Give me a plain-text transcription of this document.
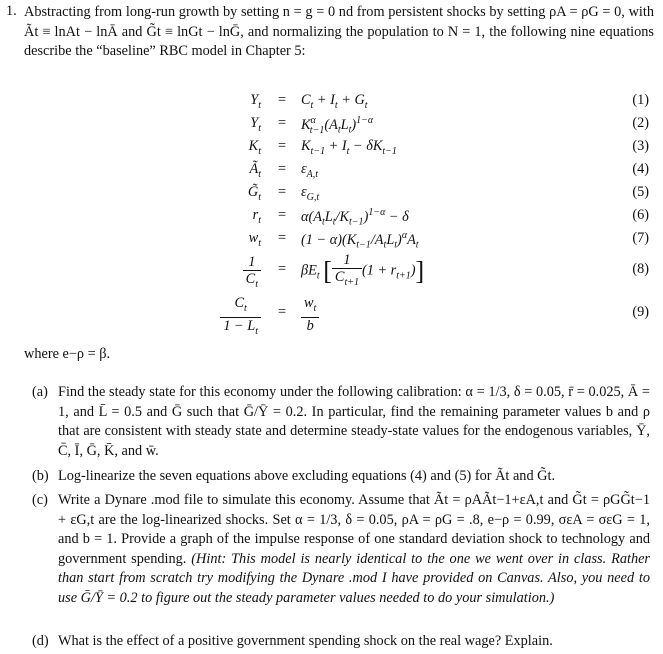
1. Abstracting from long-run growth by setting n = g = 0 nd from persistent shocks by setting ρA = ρG = 0, with Ãt ≡ lnAt − lnĀ and G̃t ≡ lnGt − lnḠ, and normalizing the population to N = 1, the following nine equations describe the “baseline” RBC model in Chapter 5:
$Y_t = C_t + I_t + G_t$	(1)
$Y_t = K^\alpha_{t-1}(A_tL_t)^{1-\alpha}$	(2)
$K_t = K_{t-1} + I_t - \delta K_{t-1}$	(3)
$Ã_t = \varepsilon_{A,t}$	(4)
$G̃_t = \varepsilon_{G,t}$	(5)
$r_t = \alpha(A_tL_t/K_{t-1})^{1-\alpha} - \delta$	(6)
$w_t = (1 - \alpha)(K_{t-1}/A_tL_t)^\alpha A_t$	(7)
$\frac{1}{C_t} = \beta E_t$ [ $\frac{1}{C_{t+1}} (1 + r_{t+1})$]	(8)
$\frac{C_t}{1 - L_t} = \frac{w_t}{b}$	(9)
where e−ρ = β.
(a) Find the steady state for this economy under the following calibration: α = 1/3, δ = 0.05, r̄ = 0.025, Ā = 1, and L̄ = 0.5 and Ḡ such that Ḡ/Ȳ = 0.2. In particular, find the remaining parameter values b and ρ that are consistent with steady state and determine steady-state values for the endogenous variables, Ȳ, C̄, Ī, Ḡ, K̄, and w̄.
(b) Log-linearize the seven equations above excluding equations (4) and (5) for Ãt and G̃t.
(c) Write a Dynare .mod file to simulate this economy. Assume that Ãt = ρAÃt−1+εA,t and G̃t = ρGG̃t−1 + εG,t are the log-linearized shocks. Set α = 1/3, δ = 0.05, ρA = ρG = .8, e−ρ = 0.99, σεA = σεG = 1, and b = 1. Provide a graph of the impulse response of one standard deviation shock to technology and government spending. (Hint: This model is nearly identical to the one we went over in class. Rather than start from scratch try modifying the Dynare .mod I have provided on Canvas. Also, you need to use Ḡ/Ȳ = 0.2 to figure out the steady parameter values needed to do your simulation.)
(d) What is the effect of a positive government spending shock on the real wage? Explain.
